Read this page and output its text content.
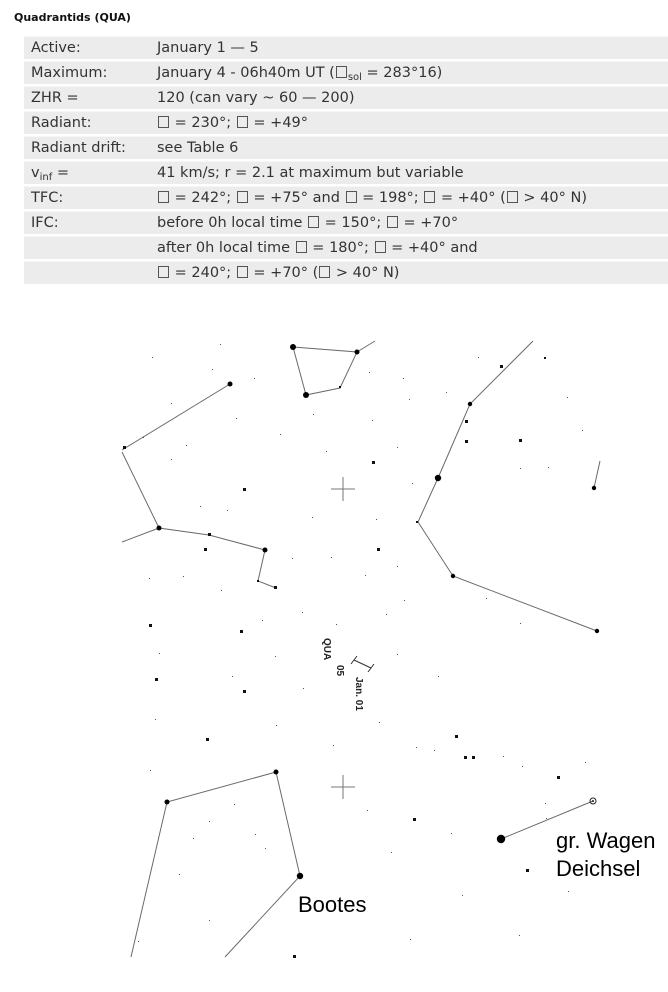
Quadrantids (QUA)
Active:	January 1 — 5
Maximum:	January 4 - 06h40m UT ( $_{sol}$ = 283°16)
ZHR =	120 (can vary ~ 60 — 200)
Radiant:	= 230°;  = +49°
Radiant drift:	see Table 6
$v_{inf}$ =	41 km/s; r = 2.1 at maximum but variable
TFC:	= 242°;  = +75° and  = 198°;  = +40° ( > 40° N)
IFC:	before 0h local time  = 150°;  = +70°
	after 0h local time  = 180°;  = +40° and
	= 240°;  = +70° ( > 40° N)
QUA
05
Jan. 01
Bootes
gr. Wagen
Deichsel
